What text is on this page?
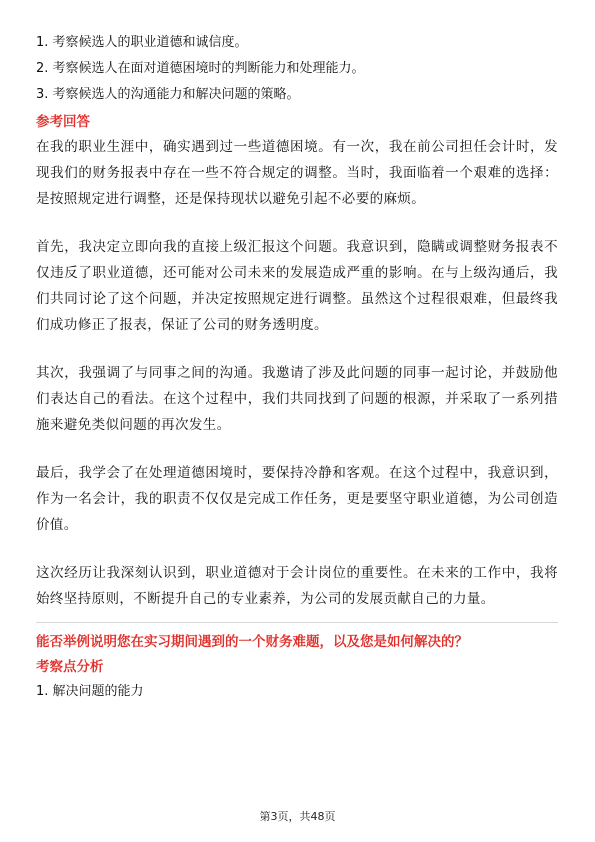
1. 考察候选人的职业道德和诚信度。
2. 考察候选人在面对道德困境时的判断能力和处理能力。
3. 考察候选人的沟通能力和解决问题的策略。
参考回答

在我的职业生涯中，确实遇到过一些道德困境。有一次，我在前公司担任会计时，发现我们的财务报表中存在一些不符合规定的调整。当时，我面临着一个艰难的选择：是按照规定进行调整，还是保持现状以避免引起不必要的麻烦。

首先，我决定立即向我的直接上级汇报这个问题。我意识到，隐瞒或调整财务报表不仅违反了职业道德，还可能对公司未来的发展造成严重的影响。在与上级沟通后，我们共同讨论了这个问题，并决定按照规定进行调整。虽然这个过程很艰难，但最终我们成功修正了报表，保证了公司的财务透明度。

其次，我强调了与同事之间的沟通。我邀请了涉及此问题的同事一起讨论，并鼓励他们表达自己的看法。在这个过程中，我们共同找到了问题的根源，并采取了一系列措施来避免类似问题的再次发生。

最后，我学会了在处理道德困境时，要保持冷静和客观。在这个过程中，我意识到，作为一名会计，我的职责不仅仅是完成工作任务，更是要坚守职业道德，为公司创造价值。

这次经历让我深刻认识到，职业道德对于会计岗位的重要性。在未来的工作中，我将始终坚持原则，不断提升自己的专业素养，为公司的发展贡献自己的力量。

能否举例说明您在实习期间遇到的一个财务难题，以及您是如何解决的？
考察点分析
1. 解决问题的能力
第3页，共48页
